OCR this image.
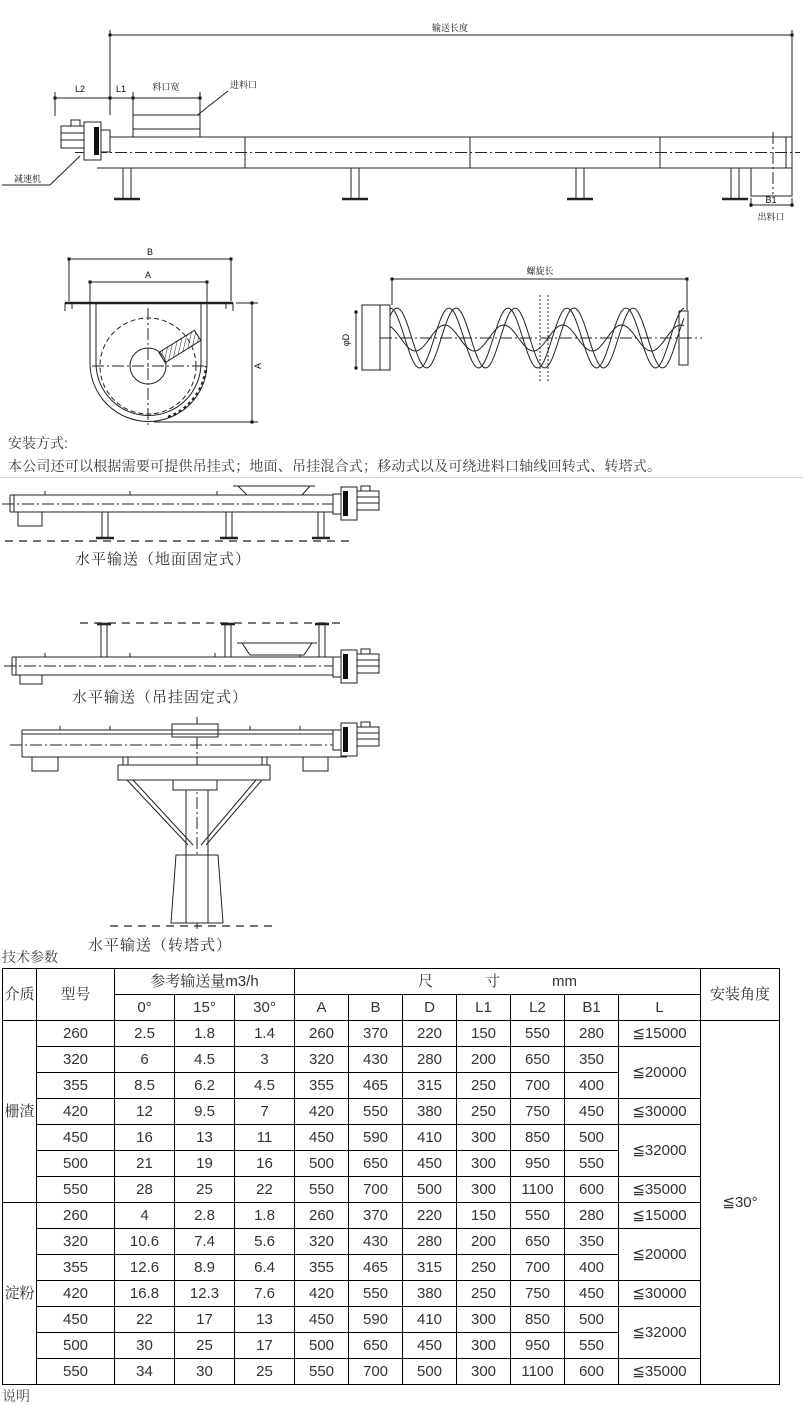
输送长度
L2	L1	料口宽	进料口
减速机
B1
出料口
B
A
A
螺旋长
φD
安装方式:
本公司还可以根据需要可提供吊挂式；地面、吊挂混合式；移动式以及可绕进料口轴线回转式、转塔式。
水平输送（地面固定式）
水平输送（吊挂固定式）
水平输送（转塔式）
技术参数
介质	型号	参考输送量m3/h			尺 寸 mm							安装角度
		0°	15°	30°	A	B	D	L1	L2	B1	L	
栅渣	260	2.5	1.8	1.4	260	370	220	150	550	280	≦15000	≦30°
	320	6	4.5	3	320	430	280	200	650	350	≦20000	
	355	8.5	6.2	4.5	355	465	315	250	700	400		
	420	12	9.5	7	420	550	380	250	750	450	≦30000	
	450	16	13	11	450	590	410	300	850	500	≦32000	
	500	21	19	16	500	650	450	300	950	550		
	550	28	25	22	550	700	500	300	1100	600	≦35000	
淀粉	260	4	2.8	1.8	260	370	220	150	550	280	≦15000	
	320	10.6	7.4	5.6	320	430	280	200	650	350	≦20000	
	355	12.6	8.9	6.4	355	465	315	250	700	400		
	420	16.8	12.3	7.6	420	550	380	250	750	450	≦30000	
	450	22	17	13	450	590	410	300	850	500	≦32000	
	500	30	25	17	500	650	450	300	950	550		
	550	34	30	25	550	700	500	300	1100	600	≦35000	
说明
